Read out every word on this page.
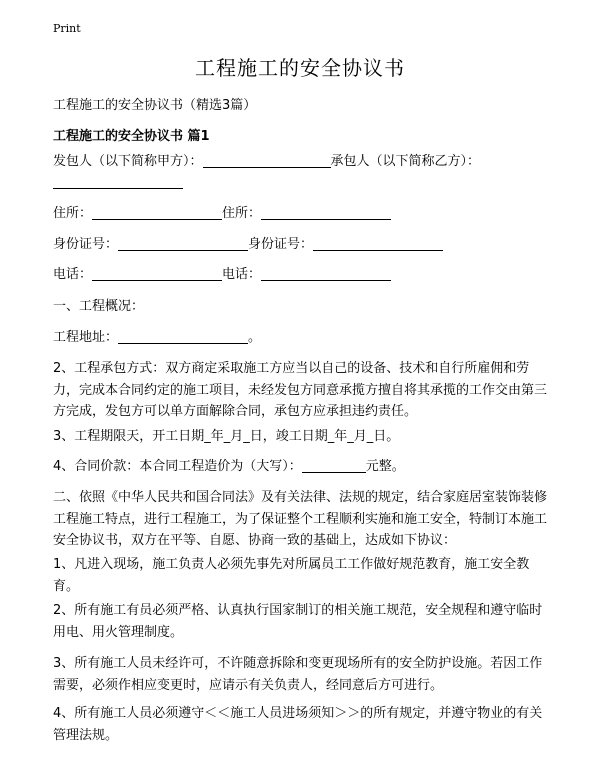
Print
工程施工的安全协议书
工程施工的安全协议书（精选3篇）
工程施工的安全协议书 篇1
发包人（以下简称甲方）：	承包人（以下简称乙方）：
住所：	住所：
身份证号：	身份证号：
电话：	电话：
一、工程概况：
工程地址：	。
2、工程承包方式：双方商定采取施工方应当以自己的设备、技术和自行所雇佣和劳力，完成本合同约定的施工项目，未经发包方同意承揽方擅自将其承揽的工作交由第三方完成，发包方可以单方面解除合同，承包方应承担违约责任。
3、工程期限天，开工日期_年_月_日，竣工日期_年_月_日。
4、合同价款：本合同工程造价为（大写）：	元整。
二、依照《中华人民共和国合同法》及有关法律、法规的规定，结合家庭居室装饰装修工程施工特点，进行工程施工，为了保证整个工程顺利实施和施工安全，特制订本施工安全协议书，双方在平等、自愿、协商一致的基础上，达成如下协议：
1、凡进入现场，施工负责人必须先事先对所属员工工作做好规范教育，施工安全教育。
2、所有施工有员必须严格、认真执行国家制订的相关施工规范，安全规程和遵守临时用电、用火管理制度。
3、所有施工人员未经许可，不许随意拆除和变更现场所有的安全防护设施。若因工作需要，必须作相应变更时，应请示有关负责人，经同意后方可进行。
4、所有施工人员必须遵守＜＜施工人员进场须知＞＞的所有规定，并遵守物业的有关管理法规。
